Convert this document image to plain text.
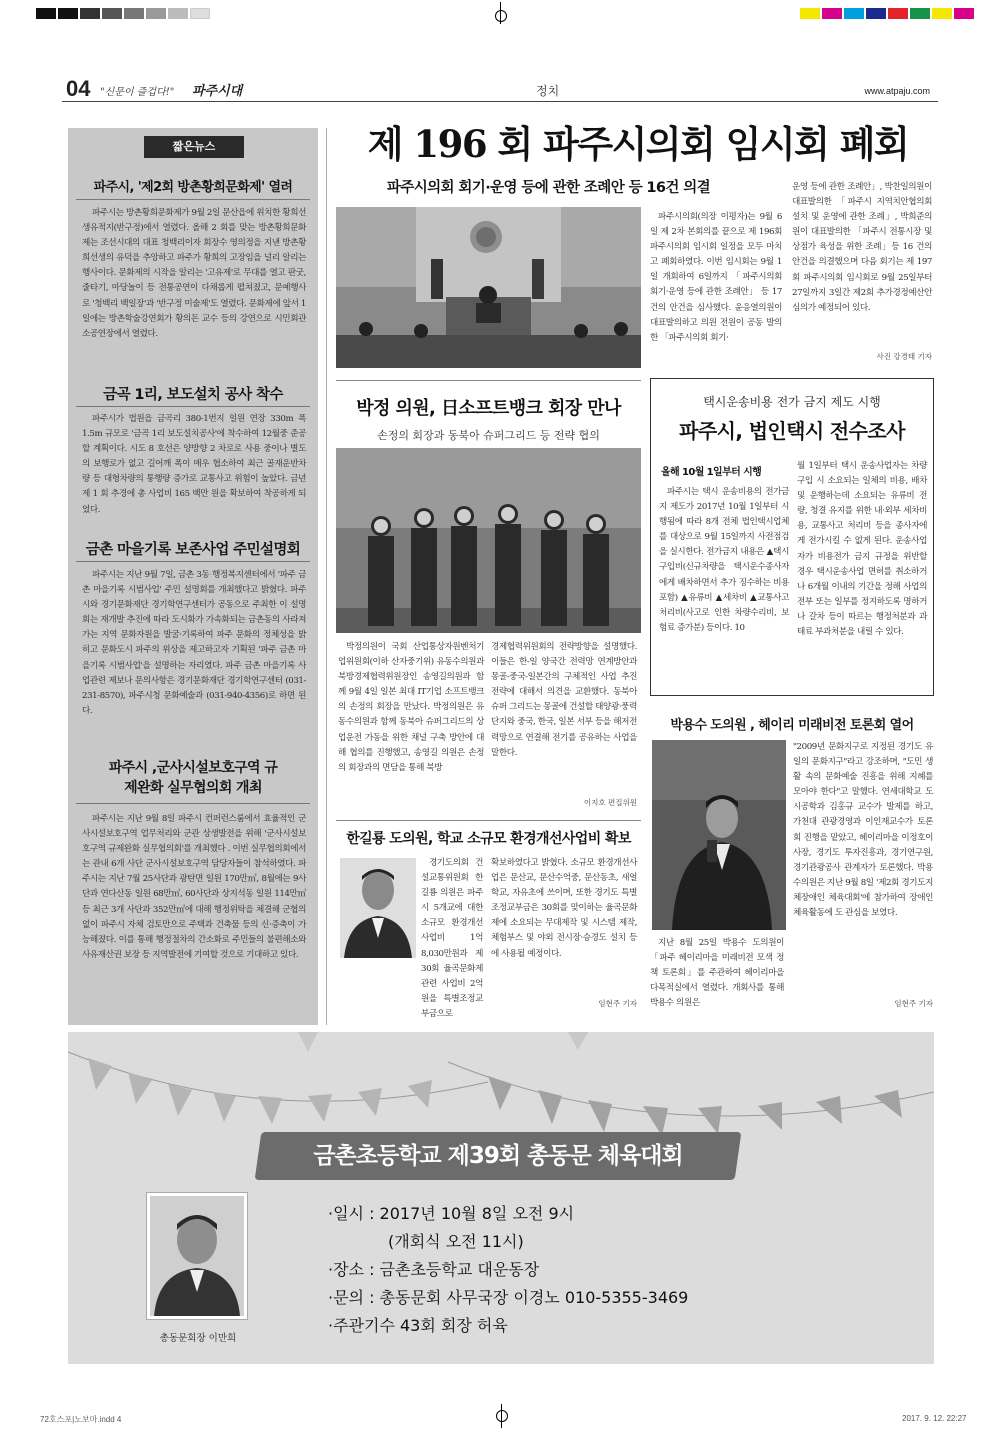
04 "신문이 즐겁다!" 파주시대	정치	www.atpaju.com
짧은뉴스
파주시, '제2회 방촌황희문화제' 열려
파주시는 방촌황희문화제가 9월 2일 문산읍에 위치한 황희선생유적지(반구정)에서 열렸다. 올해 2 회를 맞는 방촌황희문화제는 조선시대의 대표 청백리이자 회장수 영의정을 지낸 방촌황희선생의 유덕을 추앙하고 파주가 황희의 고장임을 널리 알리는 행사이다. 문화제의 시작을 알리는 '고유제'로 무대를 열고 판굿, 줄타기, 마당놀이 등 전통공연이 다채롭게 펼쳐졌고, 문예행사로 '청백리 백일장'과 '반구정 미술제'도 열렸다. 문화제에 앞서 1일에는 방촌학술강연회가 황의돈 교수 등의 강연으로 시민회관 소공연장에서 열렸다.
금곡 1리, 보도설치 공사 착수
파주시가 법원읍 금곡리 380-1번지 일원 연장 330m 폭 1.5m 규모로 '금곡 1리 보도설치공사'에 착수하여 12월중 준공할 계획이다. 시도 8 호선은 양방향 2 차로로 사용 중이나 별도의 보행로가 없고 길어깨 폭이 매우 협소하여 최근 골재운반차량 등 대형차량의 통행량 증가로 교통사고 위험이 높았다. 금년 제 1 회 추경에 총 사업비 165 백만 원을 확보하여 착공하게 되었다.
금촌 마을기록 보존사업 주민설명회
파주시는 지난 9월 7일, 금촌 3동 행정복지센터에서 '파주 금촌 마을기록 시범사업' 주민 설명회를 개최했다고 밝혔다. 파주시와 경기문화재단 경기학연구센터가 공동으로 주최한 이 설명회는 재개발 추진에 따라 도시화가 가속화되는 금촌동의 사라져가는 지역 문화자원을 발굴·기록하여 파주 문화의 정체성을 밝히고 문화도시 파주의 위상을 제고하고자 기획된 '파주 금촌 마을기록 시범사업'을 설명하는 자리였다. 파주 금촌 마을기록 사업관련 제보나 문의사항은 경기문화재단 경기학연구센터 (031-231-8570), 파주시청 문화예술과 (031-940-4356)로 하면 된다.
파주시 ,군사시설보호구역 규제완화 실무협의회 개최
파주시는 지난 9월 8일 파주시 컨퍼런스룸에서 효율적인 군사시설보호구역 업무처리와 군관 상생발전을 위해 '군사시설보호구역 규제완화 실무협의회'를 개최했다 . 이번 실무협의회에서는 관내 6개 사단 군사시설보호구역 담당자들이 참석하였다. 파주시는 지난 7월 25사단과 광탄면 일원 170만㎡, 8월에는 9사단과 연다산동 일원 68만㎡, 60사단과 상지석동 일원 114만㎡ 등 최근 3개 사단과 352만㎡에 대해 행정위탁을 체결해 군협의 없이 파주시 자체 검토만으로 주택과 건축물 등의 신·증축이 가능해졌다. 이를 통해 행정절차의 간소화로 주민들의 불편해소와 사유재산권 보장 등 지역발전에 기여할 것으로 기대하고 있다.
제 196 회 파주시의회 임시회 폐회
파주시의회 회기·운영 등에 관한 조례안 등 16건 의결
파주시의회(의장 이평자)는 9월 6일 제 2차 본회의를 끝으로 제 196회 파주시의회 임시회 일정을 모두 마치고 폐회하였다. 이번 임시회는 9월 1일 개회하여 6일까지 「파주시의회 회기·운영 등에 관한 조례안」 등 17 건의 안건을 심사했다. 윤응열의원이 대표발의하고 의원 전원이 공동 발의한 「파주시의회 회기·
운영 등에 관한 조례안」, 박찬일의원이 대표발의한 「파주시 지역치안협의회 설치 및 운영에 관한 조례」, 박희준의원이 대표발의한 「파주시 전통시장 및 상점가 육성을 위한 조례」등 16 건의 안건을 의결했으며 다음 회기는 제 197회 파주시의회 임시회로 9월 25일부터 27일까지 3일간 제2회 추가경정예산안 심의가 예정되어 있다.
사진 강경태 기자
박정 의원, 日소프트뱅크 회장 만나
손정의 회장과 동북아 슈퍼그리드 등 전략 협의
박정의원이 국회 산업통상자원벤처기업위원회(이하 산자중기위) 유동수의원과 북방경제협력위원장인 송영길의원과 함께 9월 4일 일본 최대 IT기업 소프트뱅크의 손정의 회장을 만났다. 박정의원은 유동수의원과 함께 동북아 슈퍼그리드의 상업운전 가동을 위한 채널 구축 방안에 대해 협의를 진행했고, 송영길 의원은 손정의 회장과의 면담을 통해 북방
경제협력위원회의 전략방향을 설명했다. 이들은 한-일 양국간 전력망 연계방안과 몽골-중국-일본간의 구체적인 사업 추진전략에 대해서 의견을 교환했다. 동북아 슈퍼 그리드는 몽골에 건설할 태양광·풍력단지와 중국, 한국, 일본 서부 등을 해저전력망으로 연결해 전기를 공유하는 사업을 말한다.
이지호 편집위원
택시운송비용 전가 금지 제도 시행
파주시, 법인택시 전수조사
올해 10월 1일부터 시행
파주시는 택시 운송비용의 전가금지 제도가 2017년 10월 1일부터 시행됨에 따라 8개 전체 법인택시업체를 대상으로 9월 15일까지 사전점검을 실시한다. 전가금지 내용은 ▲택시 구입비(신규차량을 택시운수종사자에게 배차하면서 추가 징수하는 비용 포함) ▲유류비 ▲세차비 ▲교통사고 처리비(사고로 인한 차량수리비, 보험료 증가분) 등이다. 10
월 1일부터 택시 운송사업자는 차량 구입 시 소요되는 일체의 비용, 배차 및 운행하는데 소요되는 유류비 전량, 청결 유지를 위한 내·외부 세차비용, 교통사고 처리비 등을 종사자에게 전가시킬 수 없게 된다. 운송사업자가 비용전가 금지 규정을 위반할 경우 택시운송사업 면허를 취소하거나 6개월 이내의 기간을 정해 사업의 전부 또는 일부를 정지하도록 명하거나 갈차 등이 따르는 행정처분과 과태료 부과처분을 내릴 수 있다.
한길룡 도의원, 학교 소규모 환경개선사업비 확보
경기도의회 건설교통위원회 한길룡 의원은 파주시 5개교에 대한 소규모 환경개선사업비 1억 8,030만원과 제30회 율곡문화제 관련 사업비 2억원을 특별조정교부금으로
확보하였다고 밝혔다. 소규모 환경개선사업은 문산교, 문산수억중, 문산동초, 새얼학교, 자유초에 쓰이며, 또한 경기도 특별조정교부금은 30회를 맞이하는 율곡문화제에 소요되는 무대제작 및 시스템 제작, 체험부스 및 야외 전시장·승경도 설치 등에 사용될 예정이다.
임현주 기자
박용수 도의원 , 헤이리 미래비전 토론회 열어
지난 8월 25일 박용수 도의원이 「파주 헤이리마을 미래비전 모색 정책 토론회」를 주관하여 헤이리마을 다목적실에서 열렸다. 개회사를 통해 박용수 의원은
"2009년 문화지구로 지정된 경기도 유일의 문화지구"라고 강조하며, "도민 생활 속의 문화예술 진흥을 위해 지혜를 모아야 한다"고 말했다. 연세대학교 도시공학과 김홍규 교수가 발제를 하고, 가천대 관광경영과 이인재교수가 토론회 진행을 맡았고, 헤이리마을 이정호이사장, 경기도 투자진흥과, 경기연구원, 경기관광공사 관계자가 토론했다. 박용수의원은 지난 9월 8일 '제2회 경기도지체장애인 체육대회'에 참가하여 장애인 체육활동에 도 관심을 보였다.
임현주 기자
금촌초등학교 제39회 총동문 체육대회
총동문회장 이만희
·일시 : 2017년 10월 8일 오전 9시
(개회식 오전 11시)
·장소 : 금촌초등학교 대운동장
·문의 : 총동문회 사무국장 이경노 010-5355-3469
·주관기수 43회 회장 허육
72호스포|노보마.indd 4	2017. 9. 12. 22:27
